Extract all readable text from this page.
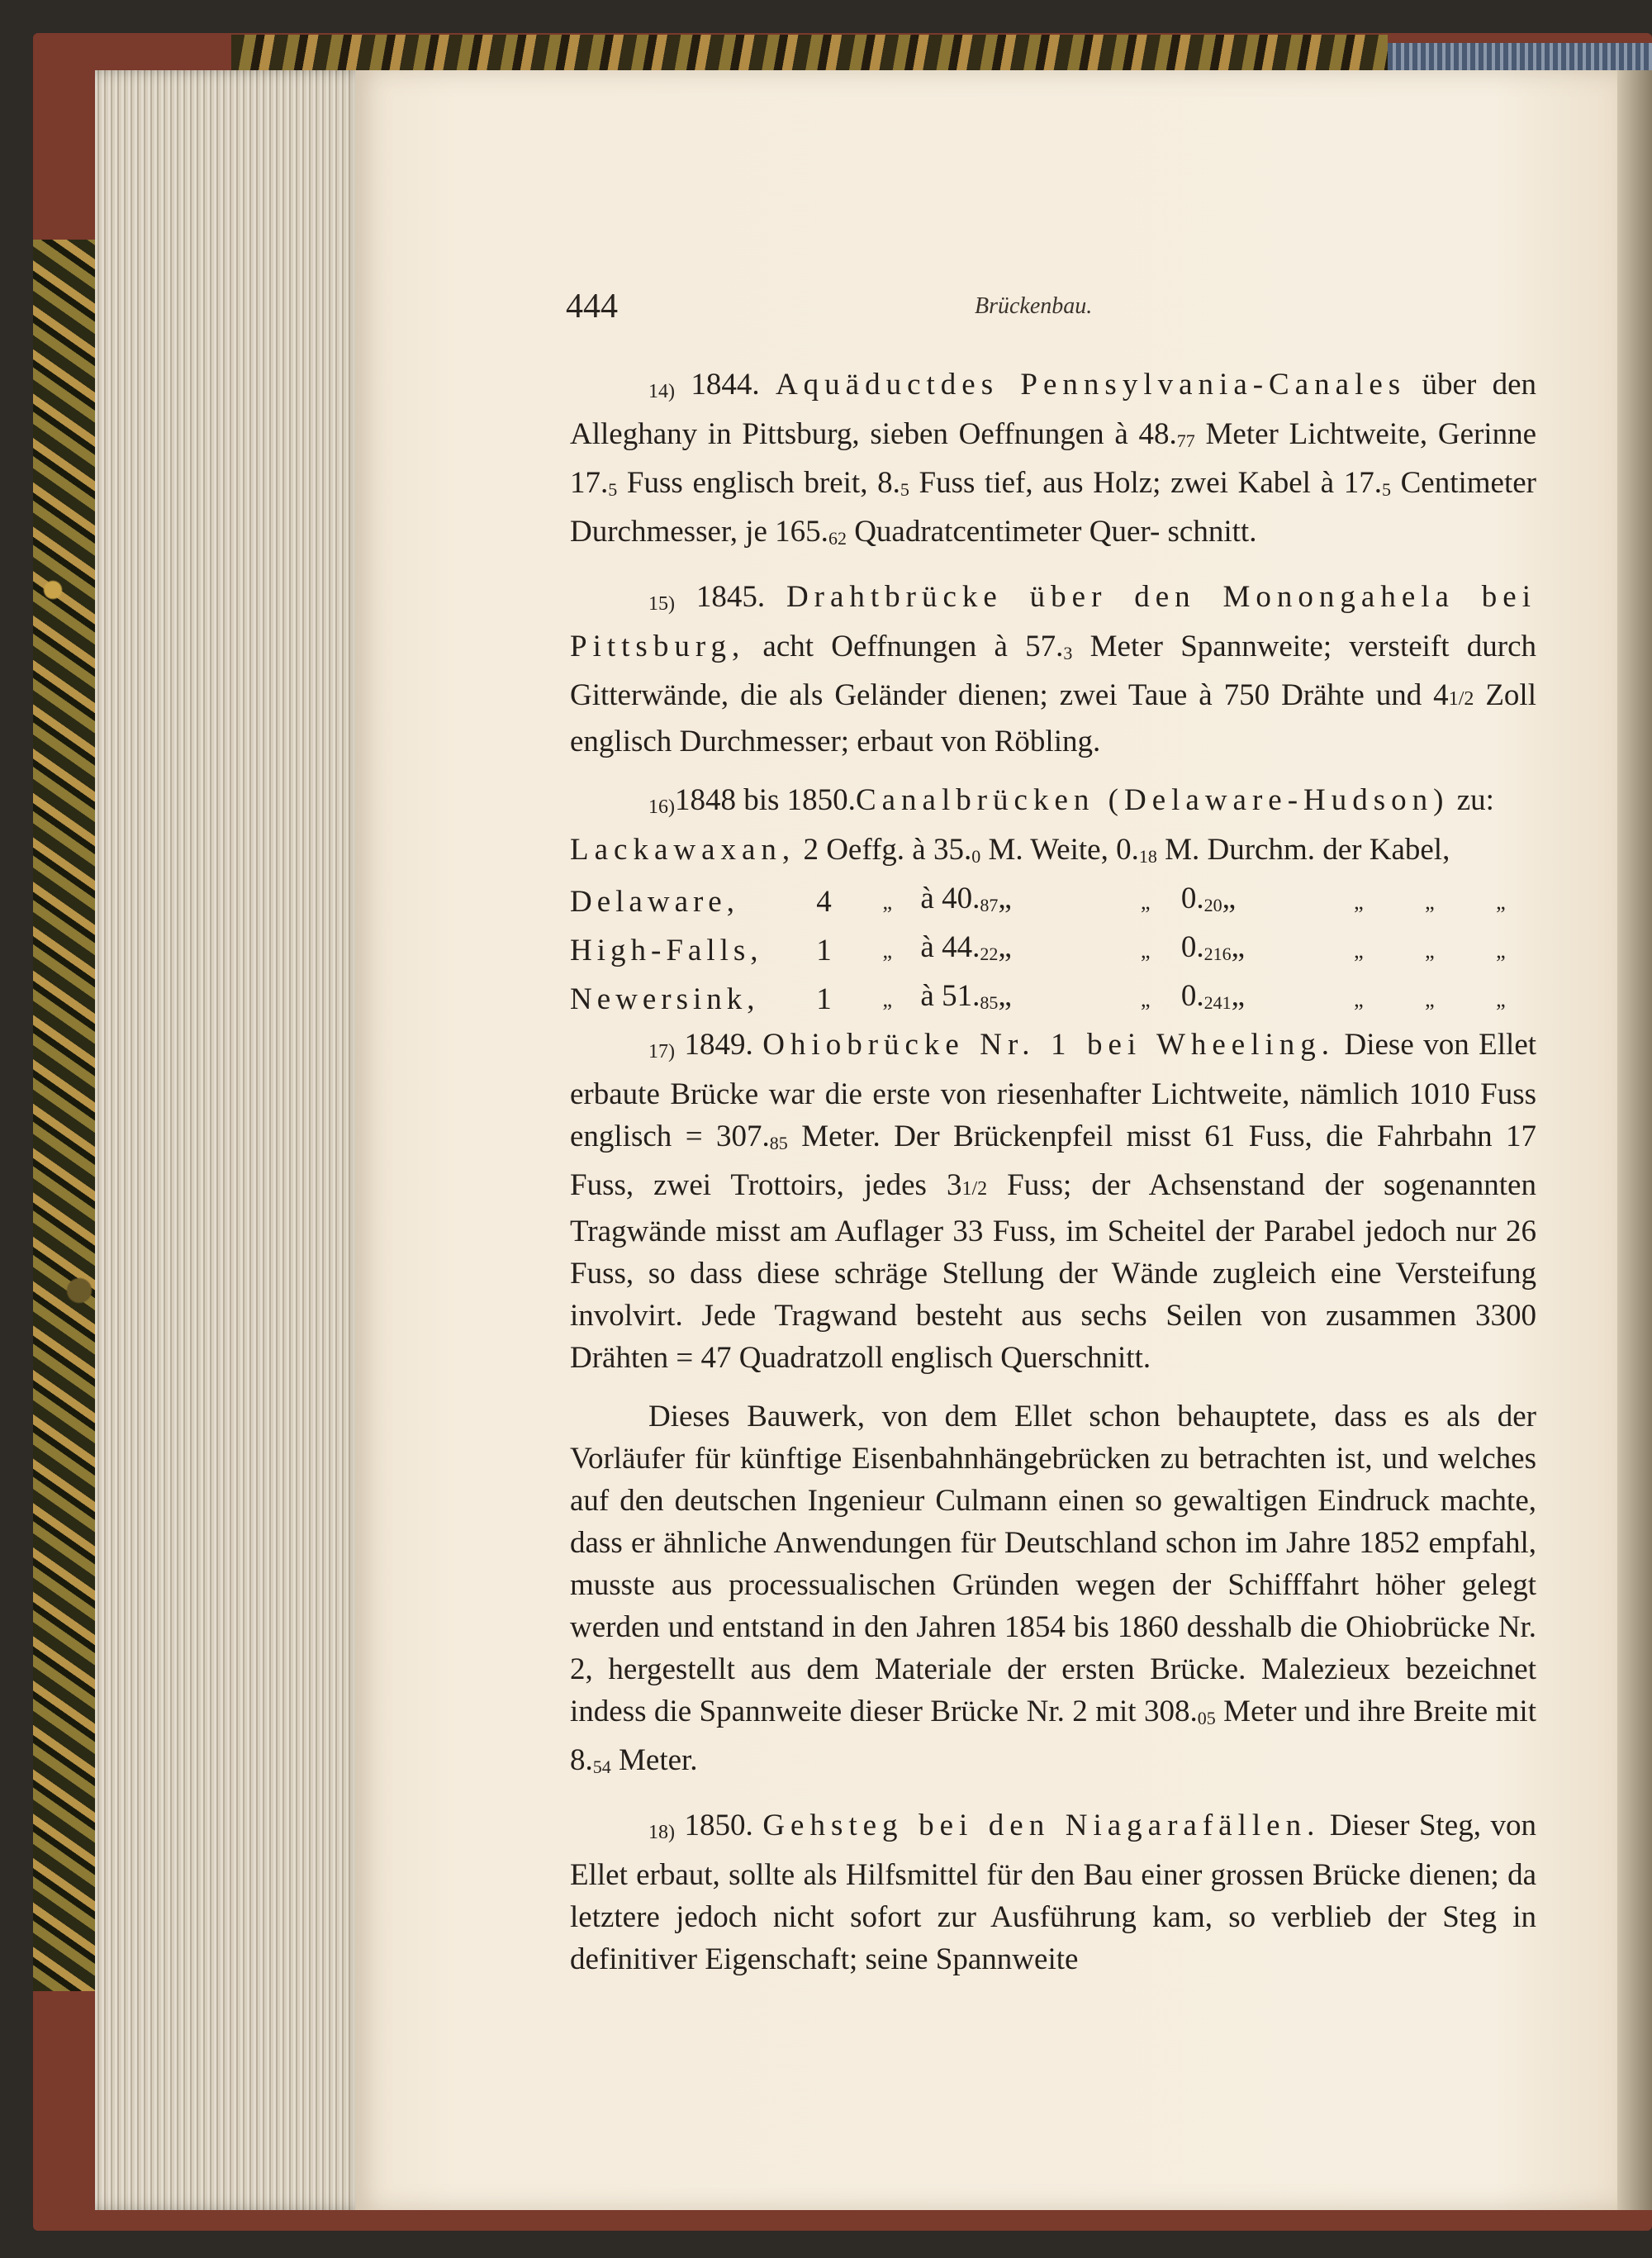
444	Brückenbau.
14) 1844. Aquäductdes Pennsylvania-Canales über den Alleghany in Pittsburg, sieben Oeffnungen à 48.77 Meter Lichtweite, Gerinne 17.5 Fuss englisch breit, 8.5 Fuss tief, aus Holz; zwei Kabel à 17.5 Centimeter Durchmesser, je 165.62 Quadratcentimeter Quer- schnitt.
15) 1845. Drahtbrücke über den Monongahela bei Pittsburg, acht Oeffnungen à 57.3 Meter Spannweite; versteift durch Gitterwände, die als Geländer dienen; zwei Taue à 750 Drähte und 41/2 Zoll englisch Durchmesser; erbaut von Röbling.
16)1848 bis 1850.Canalbrücken (Delaware-Hudson) zu:
Lackawaxan, 2 Oeffg. à 35.0 M. Weite, 0.18 M. Durchm. der Kabel,
Delaware,	4	„	à 40.87„	„	0.20„	„	„	„
High-Falls,	1	„	à 44.22„	„	0.216„	„	„	„
Newersink,	1	„	à 51.85„	„	0.241„	„	„	„
17) 1849. Ohiobrücke Nr. 1 bei Wheeling. Diese von Ellet erbaute Brücke war die erste von riesenhafter Lichtweite, nämlich 1010 Fuss englisch = 307.85 Meter. Der Brückenpfeil misst 61 Fuss, die Fahrbahn 17 Fuss, zwei Trottoirs, jedes 31/2 Fuss; der Achsenstand der sogenannten Tragwände misst am Auflager 33 Fuss, im Scheitel der Parabel jedoch nur 26 Fuss, so dass diese schräge Stellung der Wände zugleich eine Versteifung involvirt. Jede Tragwand besteht aus sechs Seilen von zusammen 3300 Drähten = 47 Quadratzoll englisch Querschnitt.
Dieses Bauwerk, von dem Ellet schon behauptete, dass es als der Vorläufer für künftige Eisenbahnhängebrücken zu betrachten ist, und welches auf den deutschen Ingenieur Culmann einen so gewaltigen Eindruck machte, dass er ähnliche Anwendungen für Deutschland schon im Jahre 1852 empfahl, musste aus processualischen Gründen wegen der Schifffahrt höher gelegt werden und entstand in den Jahren 1854 bis 1860 desshalb die Ohiobrücke Nr. 2, hergestellt aus dem Materiale der ersten Brücke. Malezieux bezeichnet indess die Spannweite dieser Brücke Nr. 2 mit 308.05 Meter und ihre Breite mit 8.54 Meter.
18) 1850. Gehsteg bei den Niagarafällen. Dieser Steg, von Ellet erbaut, sollte als Hilfsmittel für den Bau einer grossen Brücke dienen; da letztere jedoch nicht sofort zur Ausführung kam, so verblieb der Steg in definitiver Eigenschaft; seine Spannweite
